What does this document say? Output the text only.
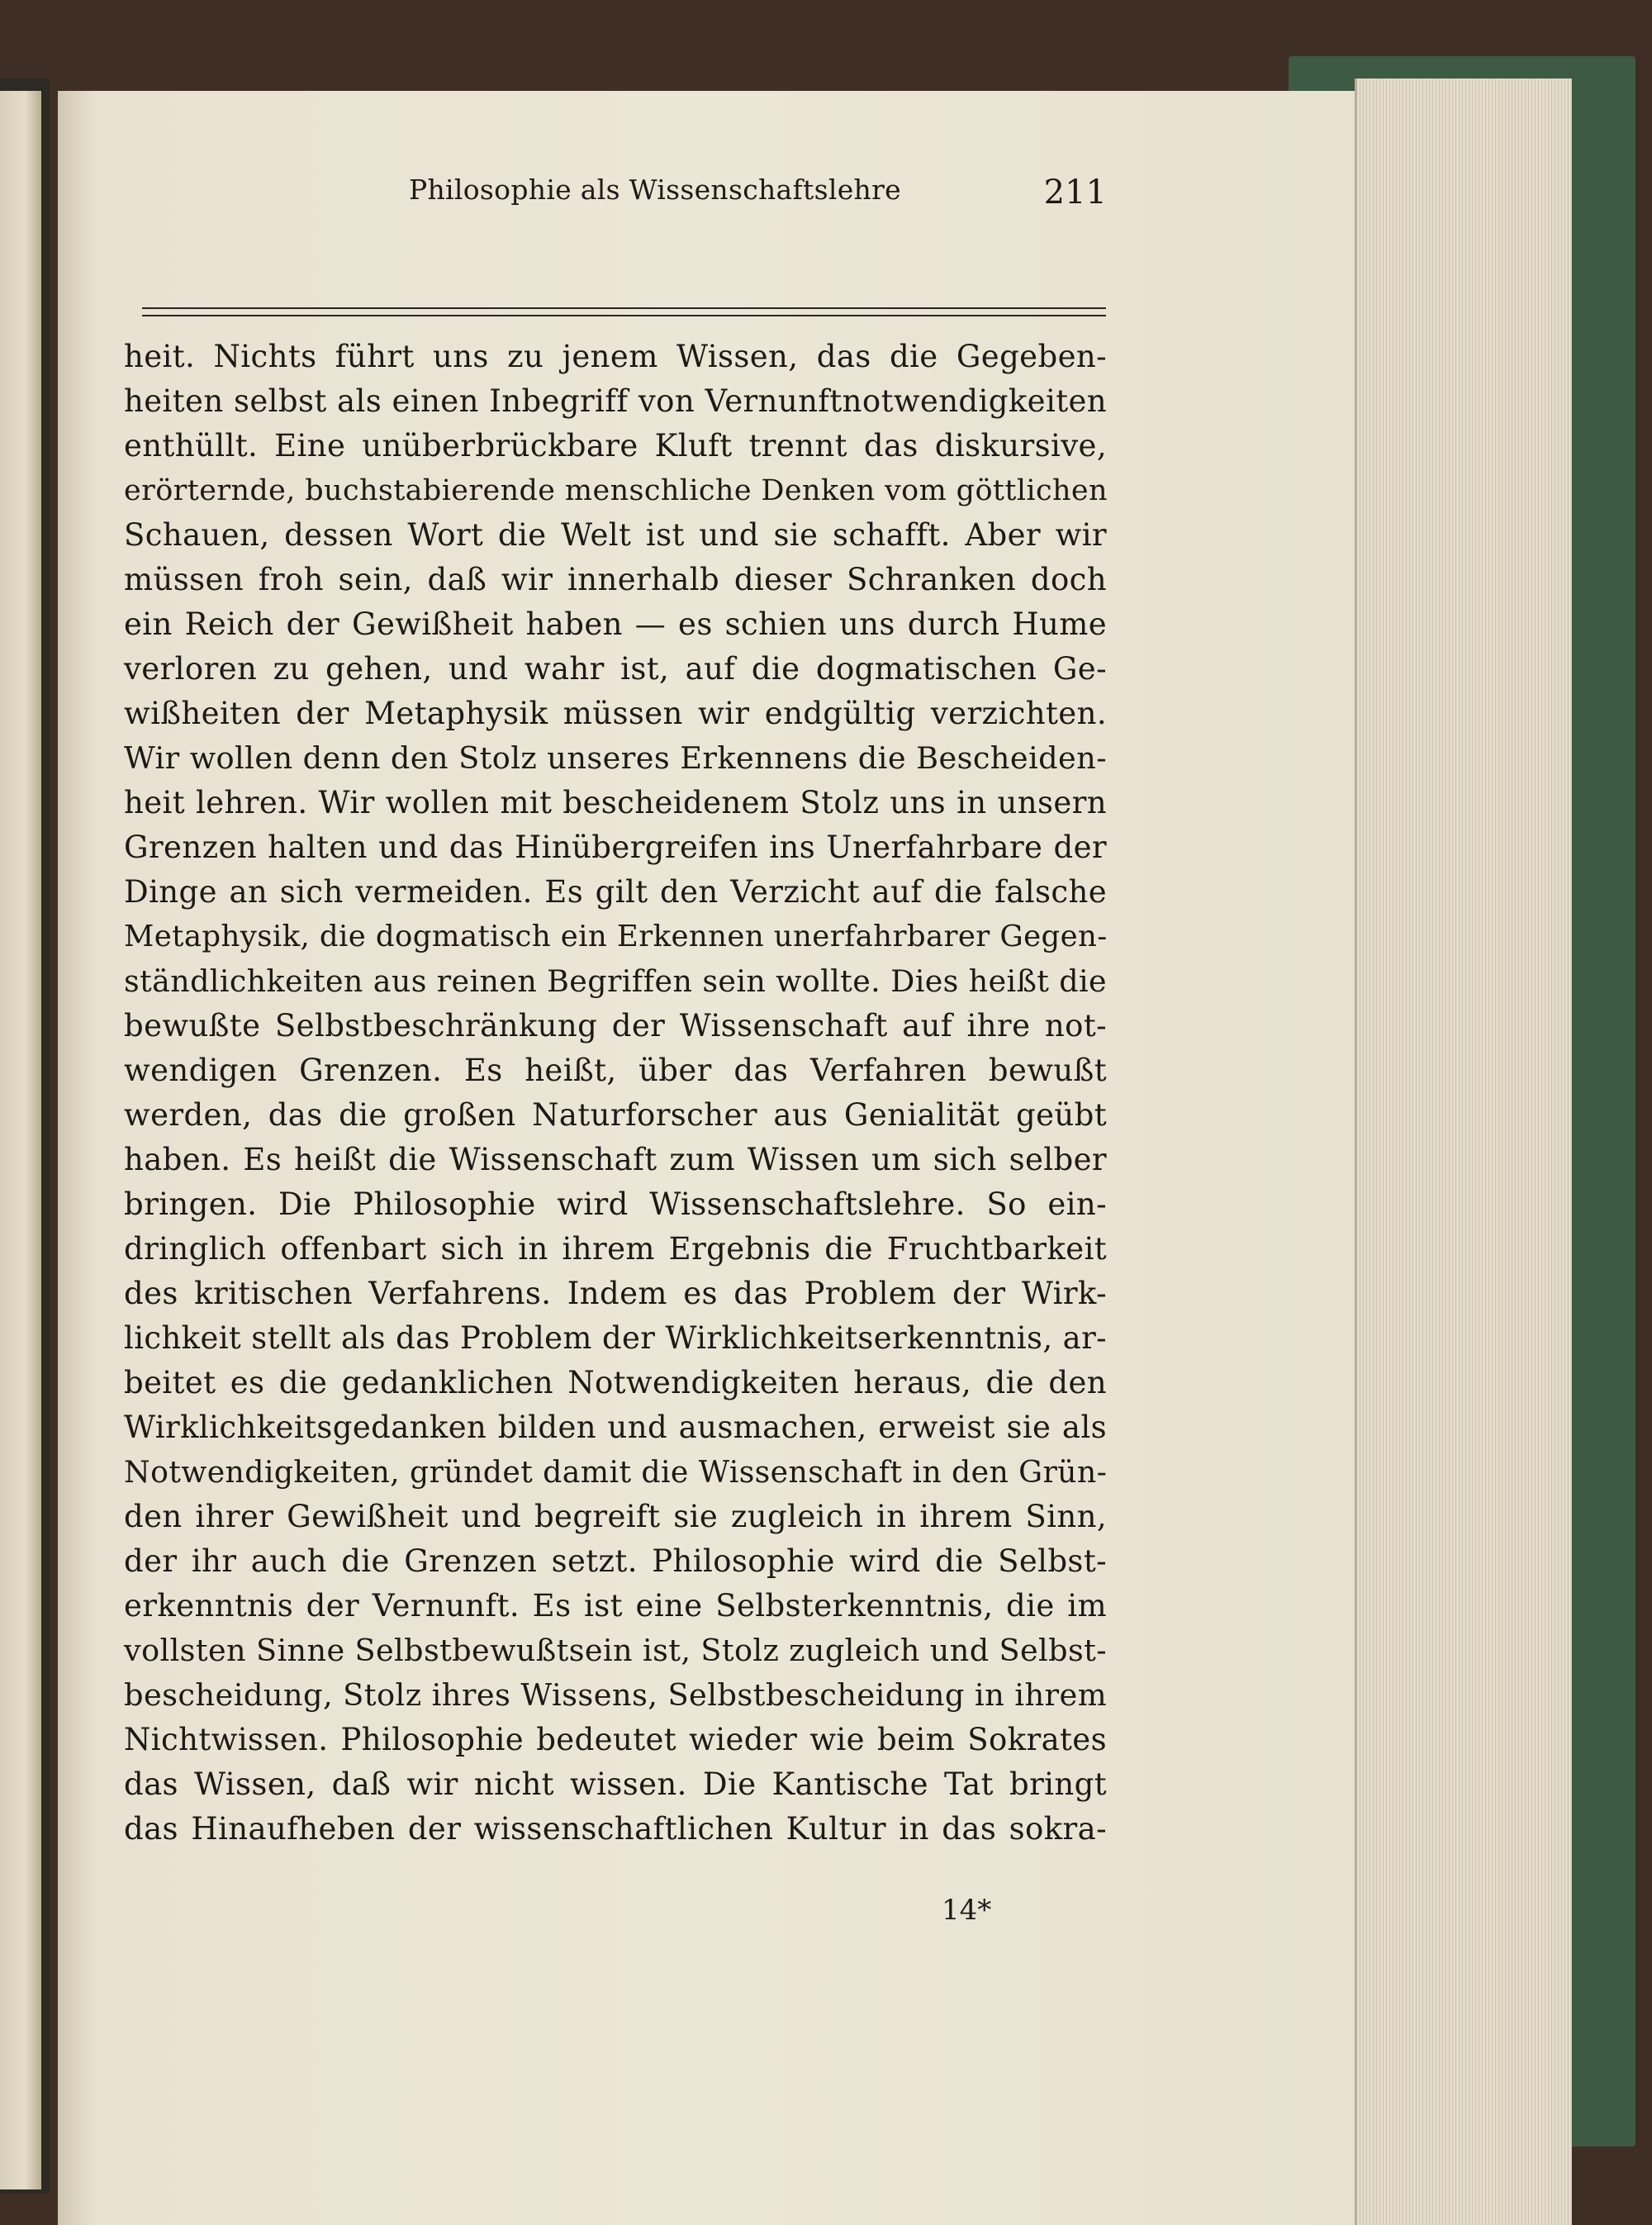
Philosophie als Wissenschaftslehre	211
heit. Nichts führt uns zu jenem Wissen, das die Gegeben-
heiten selbst als einen Inbegriff von Vernunftnotwendigkeiten
enthüllt. Eine unüberbrückbare Kluft trennt das diskursive,
erörternde, buchstabierende menschliche Denken vom göttlichen
Schauen, dessen Wort die Welt ist und sie schafft. Aber wir
müssen froh sein, daß wir innerhalb dieser Schranken doch
ein Reich der Gewißheit haben — es schien uns durch Hume
verloren zu gehen, und wahr ist, auf die dogmatischen Ge-
wißheiten der Metaphysik müssen wir endgültig verzichten.
Wir wollen denn den Stolz unseres Erkennens die Bescheiden-
heit lehren. Wir wollen mit bescheidenem Stolz uns in unsern
Grenzen halten und das Hinübergreifen ins Unerfahrbare der
Dinge an sich vermeiden. Es gilt den Verzicht auf die falsche
Metaphysik, die dogmatisch ein Erkennen unerfahrbarer Gegen-
ständlichkeiten aus reinen Begriffen sein wollte. Dies heißt die
bewußte Selbstbeschränkung der Wissenschaft auf ihre not-
wendigen Grenzen. Es heißt, über das Verfahren bewußt
werden, das die großen Naturforscher aus Genialität geübt
haben. Es heißt die Wissenschaft zum Wissen um sich selber
bringen. Die Philosophie wird Wissenschaftslehre. So ein-
dringlich offenbart sich in ihrem Ergebnis die Fruchtbarkeit
des kritischen Verfahrens. Indem es das Problem der Wirk-
lichkeit stellt als das Problem der Wirklichkeitserkenntnis, ar-
beitet es die gedanklichen Notwendigkeiten heraus, die den
Wirklichkeitsgedanken bilden und ausmachen, erweist sie als
Notwendigkeiten, gründet damit die Wissenschaft in den Grün-
den ihrer Gewißheit und begreift sie zugleich in ihrem Sinn,
der ihr auch die Grenzen setzt. Philosophie wird die Selbst-
erkenntnis der Vernunft. Es ist eine Selbsterkenntnis, die im
vollsten Sinne Selbstbewußtsein ist, Stolz zugleich und Selbst-
bescheidung, Stolz ihres Wissens, Selbstbescheidung in ihrem
Nichtwissen. Philosophie bedeutet wieder wie beim Sokrates
das Wissen, daß wir nicht wissen. Die Kantische Tat bringt
das Hinaufheben der wissenschaftlichen Kultur in das sokra-
14*
